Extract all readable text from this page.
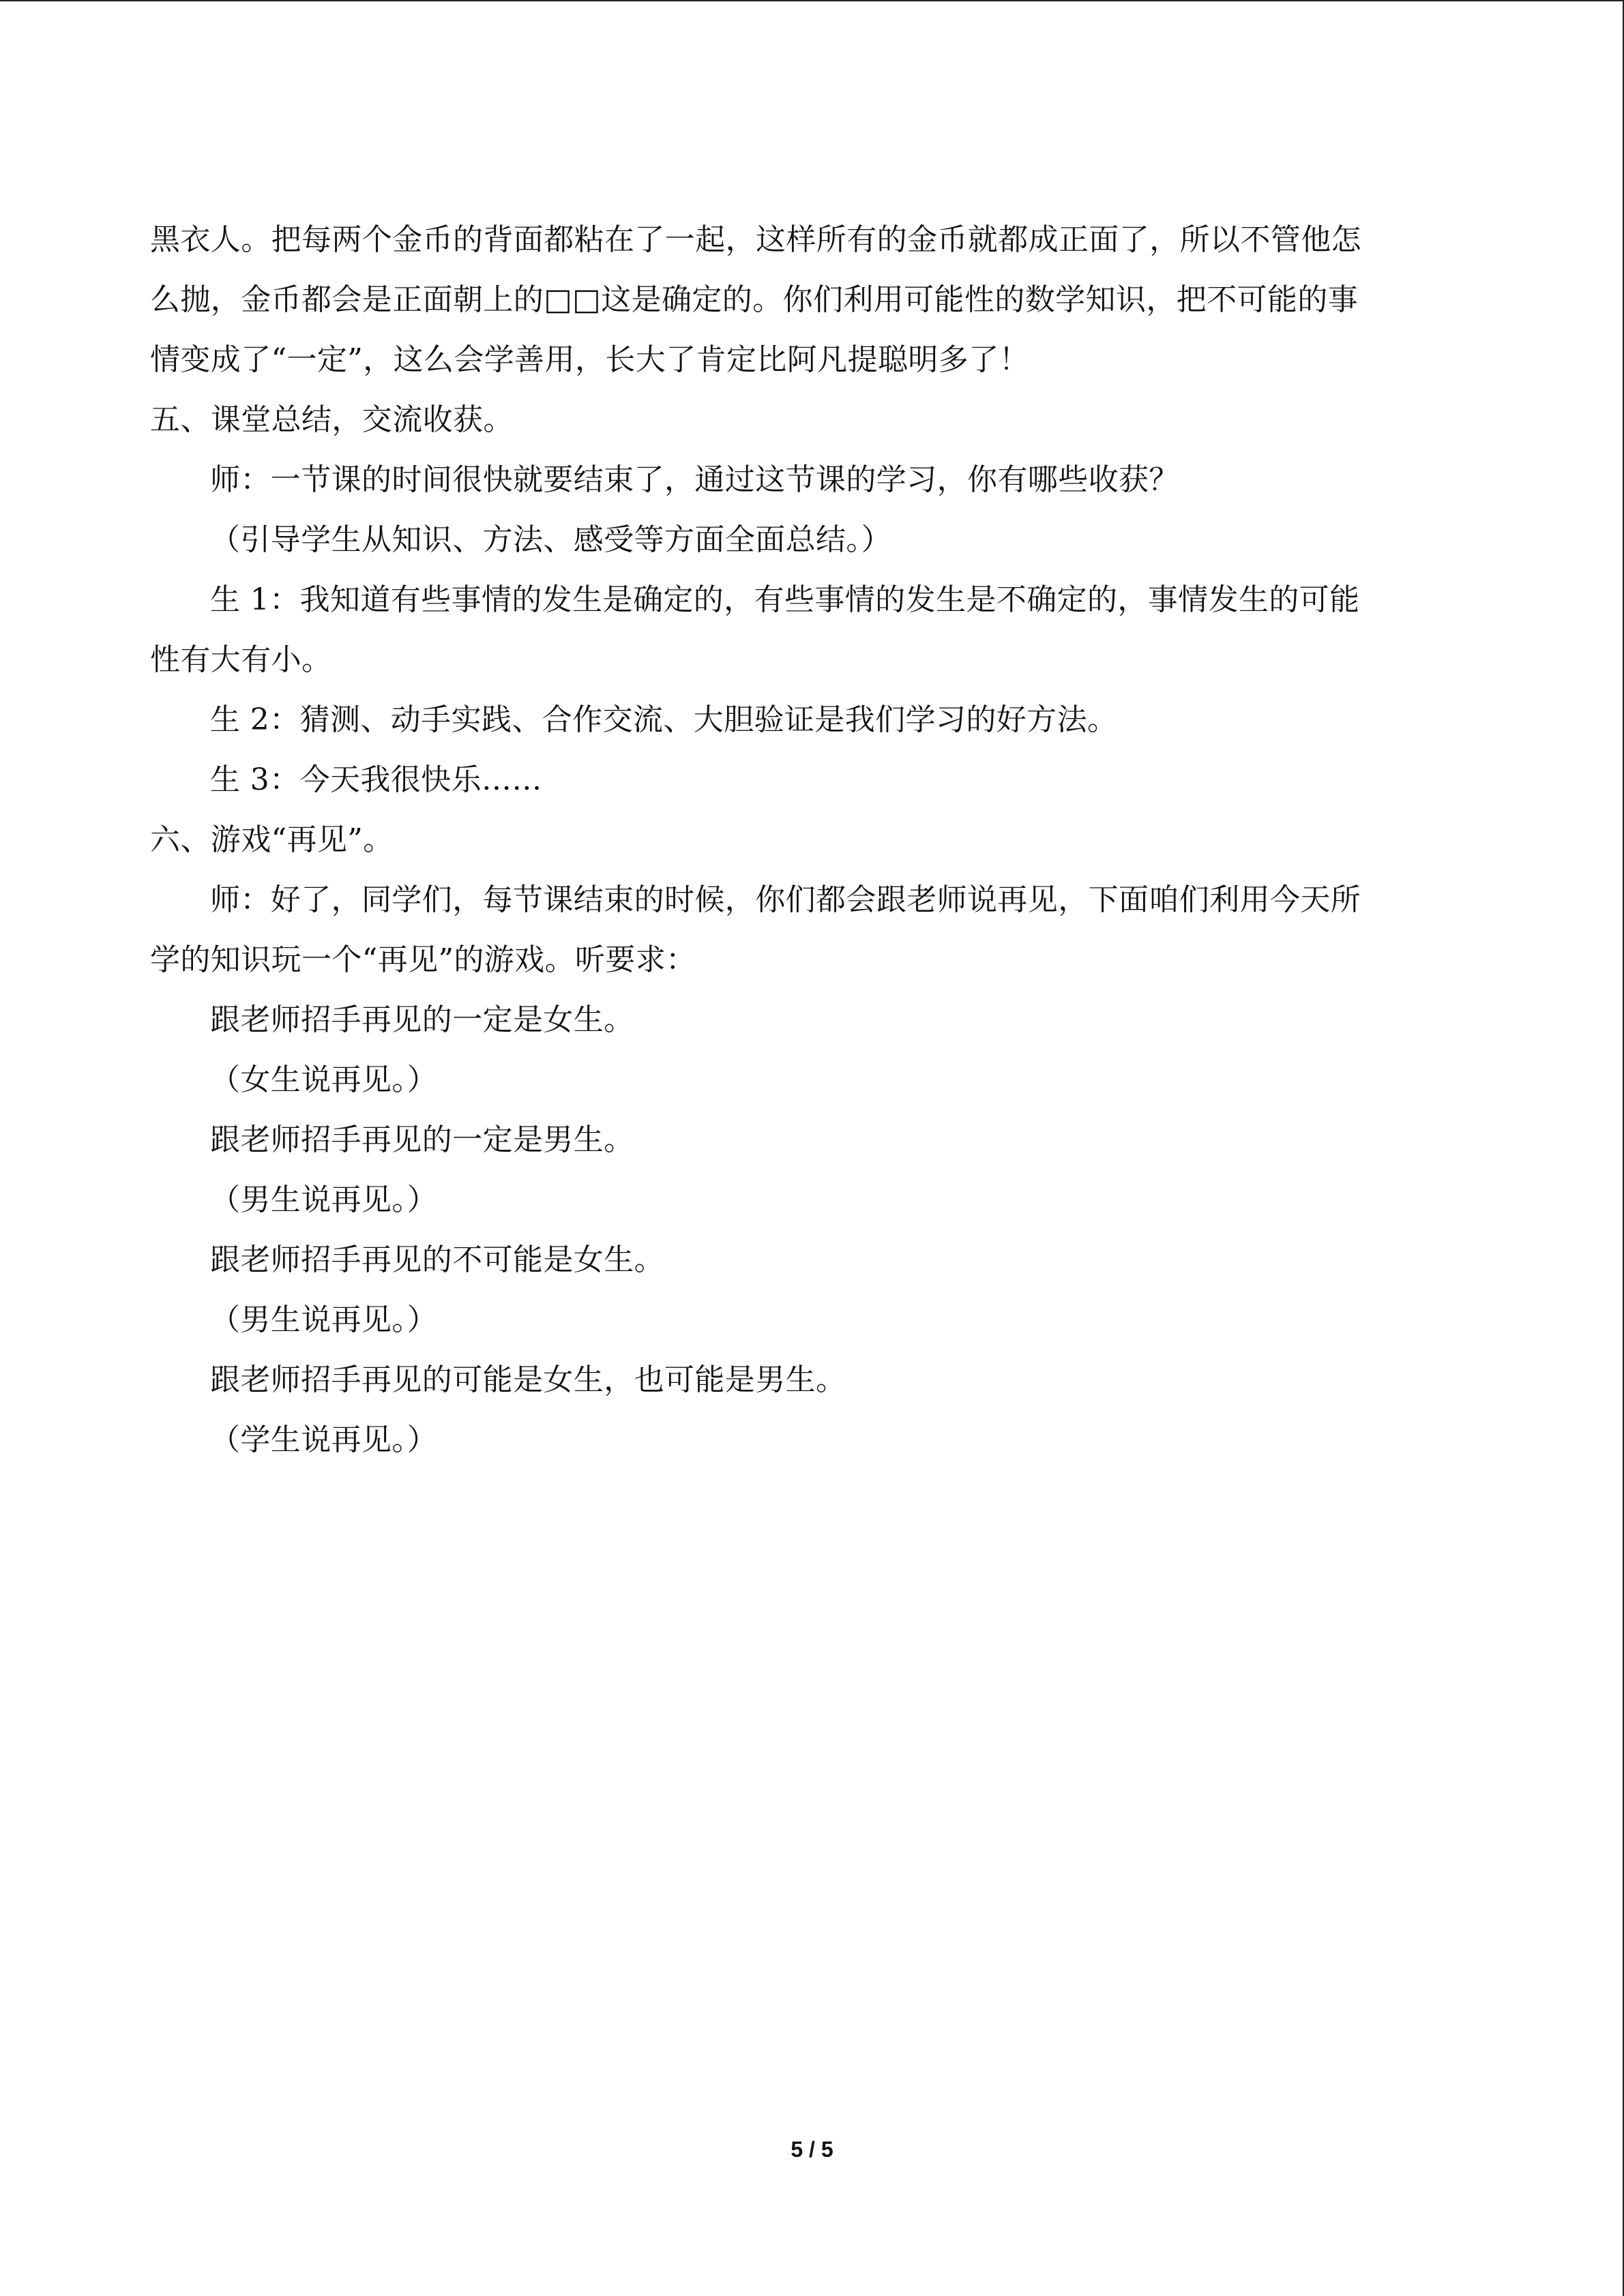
黑衣人。把每两个金币的背面都粘在了一起，这样所有的金币就都成正面了，所以不管他怎
么抛，金币都会是正面朝上的□□这是确定的。你们利用可能性的数学知识，把不可能的事
情变成了“一定”，这么会学善用，长大了肯定比阿凡提聪明多了！
五、课堂总结，交流收获。
师：一节课的时间很快就要结束了，通过这节课的学习，你有哪些收获？
（引导学生从知识、方法、感受等方面全面总结。）
生 1：我知道有些事情的发生是确定的，有些事情的发生是不确定的，事情发生的可能
性有大有小。
生 2：猜测、动手实践、合作交流、大胆验证是我们学习的好方法。
生 3：今天我很快乐……
六、游戏“再见”。
师：好了，同学们，每节课结束的时候，你们都会跟老师说再见，下面咱们利用今天所
学的知识玩一个“再见”的游戏。听要求：
跟老师招手再见的一定是女生。
（女生说再见。）
跟老师招手再见的一定是男生。
（男生说再见。）
跟老师招手再见的不可能是女生。
（男生说再见。）
跟老师招手再见的可能是女生，也可能是男生。
（学生说再见。）
5 / 5
